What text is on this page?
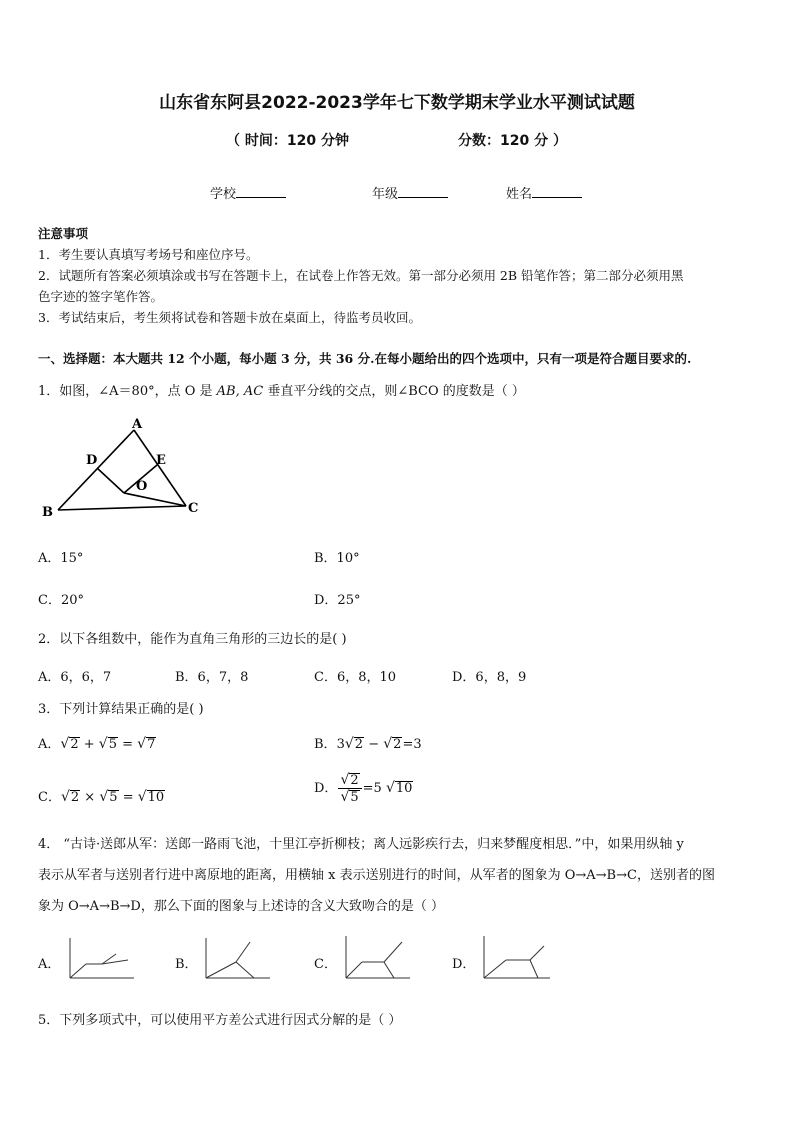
山东省东阿县2022-2023学年七下数学期末学业水平测试试题
（ 时间：120 分钟	分数：120 分 ）
学校	年级	姓名
注意事项
1．考生要认真填写考场号和座位序号。
2．试题所有答案必须填涂或书写在答题卡上，在试卷上作答无效。第一部分必须用 2B 铅笔作答；第二部分必须用黑
色字迹的签字笔作答。
3．考试结束后，考生须将试卷和答题卡放在桌面上，待监考员收回。
一、选择题：本大题共 12 个小题，每小题 3 分，共 36 分.在每小题给出的四个选项中，只有一项是符合题目要求的.
1．如图，∠A＝80°，点 O 是 AB, AC 垂直平分线的交点，则∠BCO 的度数是（ ）
A
D	E
O
B	C
A．15°	B．10°
C．20°	D．25°
2．以下各组数中，能作为直角三角形的三边长的是( )
A．6，6，7	B．6，7，8	C．6，8，10	D．6，8，9
3．下列计算结果正确的是( )
A．√2 + √5 = √7	B．3√2 − √2=3
C．√2 × √5 = √10
D． $\frac{√2}{√5} =5$ √10
4． “古诗·送郎从军：送郎一路雨飞池，十里江亭折柳枝；离人远影疾行去，归来梦醒度相思．”中，如果用纵轴 y
表示从军者与送别者行进中离原地的距离，用横轴 x 表示送别进行的时间，从军者的图象为 O→A→B→C，送别者的图
象为 O→A→B→D，那么下面的图象与上述诗的含义大致吻合的是（ ）
A．	B．	C．	D．
5．下列多项式中，可以使用平方差公式进行因式分解的是（ ）
